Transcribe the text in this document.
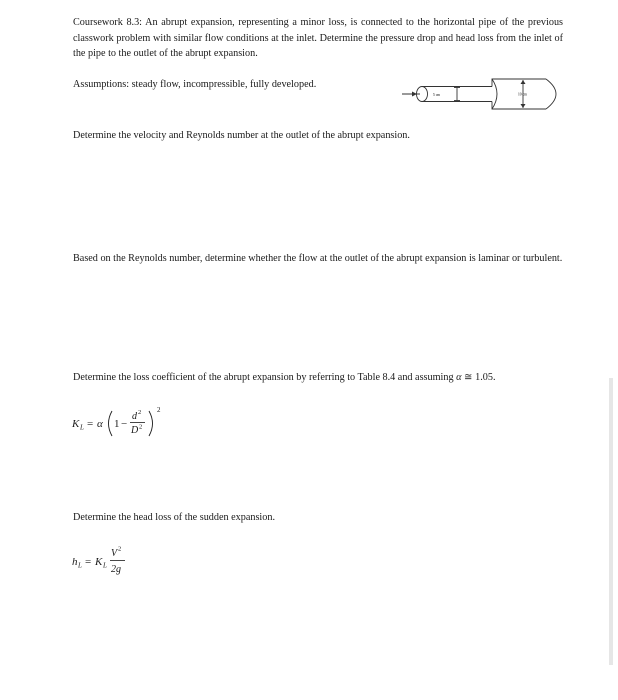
Coursework 8.3: An abrupt expansion, representing a minor loss, is connected to the horizontal pipe of the previous classwork problem with similar flow conditions at the inlet. Determine the pressure drop and head loss from the inlet of the pipe to the outlet of the abrupt expansion.

Assumptions: steady flow, incompressible, fully developed.

5 cm	10 cm

Determine the velocity and Reynolds number at the outlet of the abrupt expansion.

Based on the Reynolds number, determine whether the flow at the outlet of the abrupt expansion is laminar or turbulent.

Determine the loss coefficient of the abrupt expansion by referring to Table 8.4 and assuming α ≅ 1.05.

K L = α 1 −
d 2
D 2
2

Determine the head loss of the sudden expansion.

h L = K L
V 2
2g
